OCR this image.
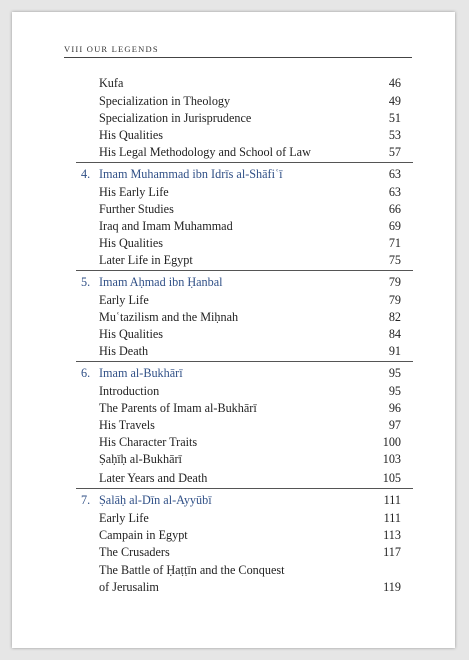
VIII OUR LEGENDS
Kufa	46
Specialization in Theology	49
Specialization in Jurisprudence	51
His Qualities	53
His Legal Methodology and School of Law	57
4. Imam Muhammad ibn Idrīs al-Shāfiʿī	63
His Early Life	63
Further Studies	66
Iraq and Imam Muhammad	69
His Qualities	71
Later Life in Egypt	75
5. Imam Aḥmad ibn Ḥanbal	79
Early Life	79
Muʿtazilism and the Miḥnah	82
His Qualities	84
His Death	91
6. Imam al-Bukhārī	95
Introduction	95
The Parents of Imam al-Bukhārī	96
His Travels	97
His Character Traits	100
Ṣaḥīḥ al-Bukhārī	103
Later Years and Death	105
7. Ṣalāḥ al-Dīn al-Ayyūbī	111
Early Life	111
Campain in Egypt	113
The Crusaders	117
The Battle of Ḥaṭṭīn and the Conquest
of Jerusalim	119
